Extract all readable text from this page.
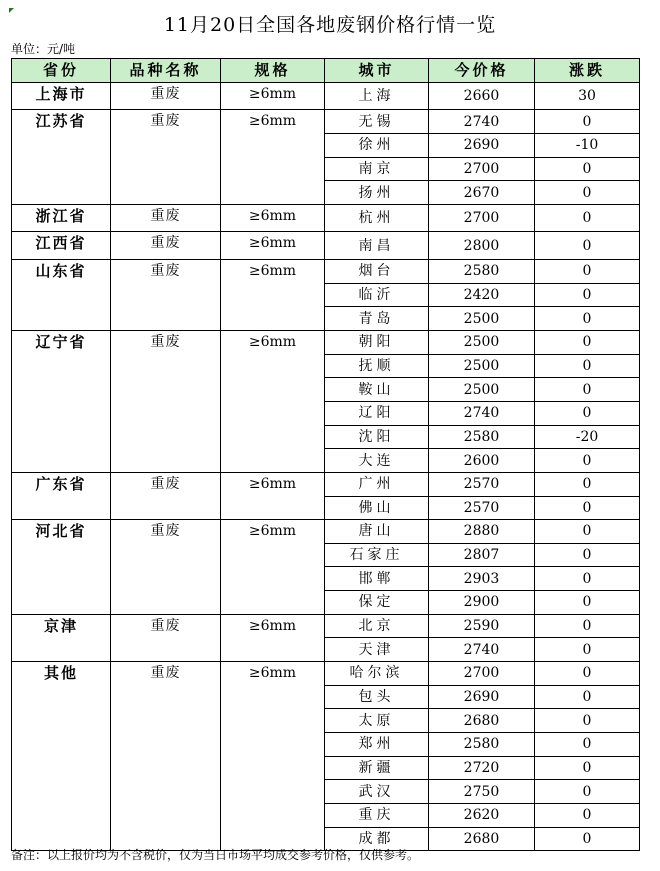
11月20日全国各地废钢价格行情一览
单位：元/吨
省份	品种名称	规格	城市	今价格	涨跌
上海市	重废	≥6mm	上海	2660	30
江苏省	重废	≥6mm	无锡	2740	0
			徐州	2690	-10
			南京	2700	0
			扬州	2670	0
浙江省	重废	≥6mm	杭州	2700	0
江西省	重废	≥6mm	南昌	2800	0
山东省	重废	≥6mm	烟台	2580	0
			临沂	2420	0
			青岛	2500	0
辽宁省	重废	≥6mm	朝阳	2500	0
			抚顺	2500	0
			鞍山	2500	0
			辽阳	2740	0
			沈阳	2580	-20
			大连	2600	0
广东省	重废	≥6mm	广州	2570	0
			佛山	2570	0
河北省	重废	≥6mm	唐山	2880	0
			石家庄	2807	0
			邯郸	2903	0
			保定	2900	0
京津	重废	≥6mm	北京	2590	0
			天津	2740	0
其他	重废	≥6mm	哈尔滨	2700	0
			包头	2690	0
			太原	2680	0
			郑州	2580	0
			新疆	2720	0
			武汉	2750	0
			重庆	2620	0
			成都	2680	0
备注：以上报价均为不含税价，仅为当日市场平均成交参考价格，仅供参考。
